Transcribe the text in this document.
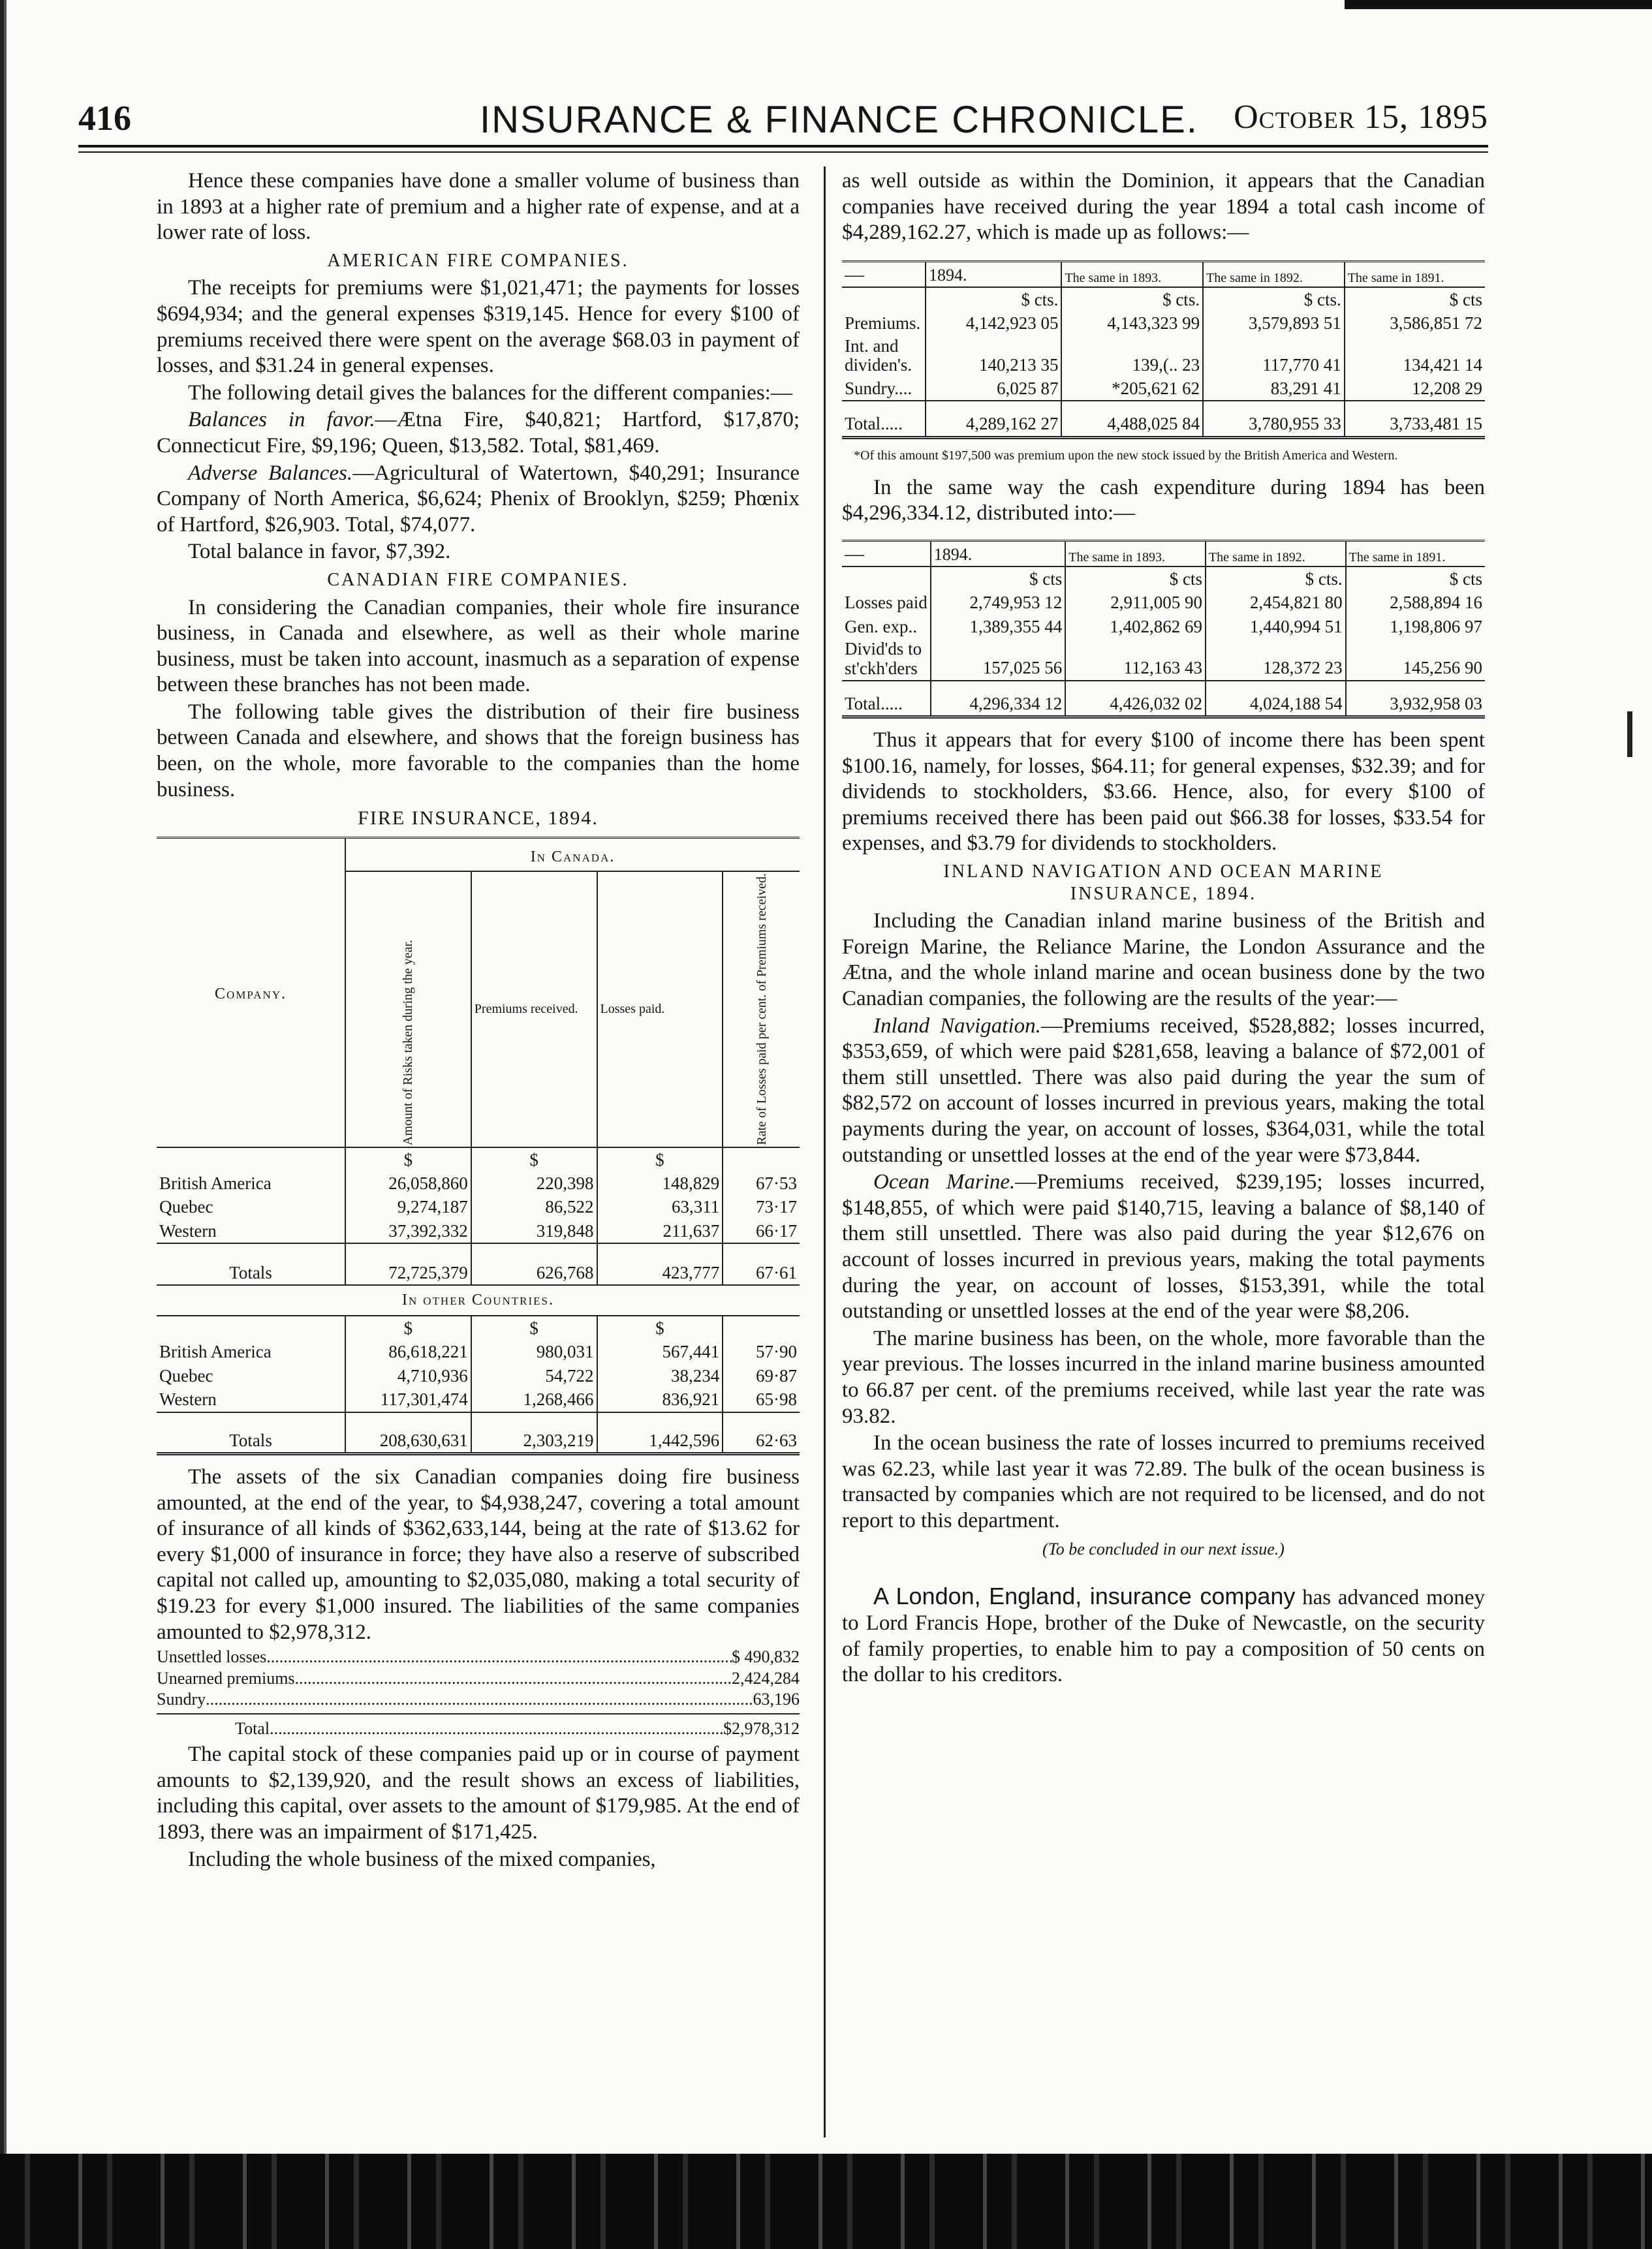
416	INSURANCE & FINANCE CHRONICLE. October 15, 1895

Hence these companies have done a smaller volume of business than in 1893 at a higher rate of premium and a higher rate of expense, and at a lower rate of loss.

AMERICAN FIRE COMPANIES.

The receipts for premiums were $1,021,471; the payments for losses $694,934; and the general expenses $319,145. Hence for every $100 of premiums received there were spent on the average $68.03 in payment of losses, and $31.24 in general expenses.

The following detail gives the balances for the different companies:—

Balances in favor.—Ætna Fire, $40,821; Hartford, $17,870; Connecticut Fire, $9,196; Queen, $13,582. Total, $81,469.

Adverse Balances.—Agricultural of Watertown, $40,291; Insurance Company of North America, $6,624; Phenix of Brooklyn, $259; Phœnix of Hartford, $26,903. Total, $74,077.

Total balance in favor, $7,392.

CANADIAN FIRE COMPANIES.

In considering the Canadian companies, their whole fire insurance business, in Canada and elsewhere, as well as their whole marine business, must be taken into account, inasmuch as a separation of expense between these branches has not been made.

The following table gives the distribution of their fire business between Canada and elsewhere, and shows that the foreign business has been, on the whole, more favorable to the companies than the home business.

FIRE INSURANCE, 1894.
Company.	In Canada.			

	Amount of Risks taken during the year.	Premiums received.	Losses paid.	Rate of Losses paid per cent. of Premiums received.

	$	$	$	
British America	26,058,860	220,398	148,829	67·53
Quebec	9,274,187	86,522	63,311	73·17
Western	37,392,332	319,848	211,637	66·17
Totals	72,725,379	626,768	423,777	67·61
In other Countries.				
	$	$	$	
British America	86,618,221	980,031	567,441	57·90
Quebec	4,710,936	54,722	38,234	69·87
Western	117,301,474	1,268,466	836,921	65·98
Totals	208,630,631	2,303,219	1,442,596	62·63

The assets of the six Canadian companies doing fire business amounted, at the end of the year, to $4,938,247, covering a total amount of insurance of all kinds of $362,633,144, being at the rate of $13.62 for every $1,000 of insurance in force; they have also a reserve of subscribed capital not called up, amounting to $2,035,080, making a total security of $19.23 for every $1,000 insured. The liabilities of the same companies amounted to $2,978,312.

Unsettled losses .....	$ 490,832
Unearned premiums .....	2,424,284
Sundry .....	63,196
Total .....	$2,978,312

The capital stock of these companies paid up or in course of payment amounts to $2,139,920, and the result shows an excess of liabilities, including this capital, over assets to the amount of $179,985. At the end of 1893, there was an impairment of $171,425.

Including the whole business of the mixed companies,

as well outside as within the Dominion, it appears that the Canadian companies have received during the year 1894 a total cash income of $4,289,162.27, which is made up as follows:—

—	1894.	The same in 1893.	The same in 1892.	The same in 1891.
	$ cts.	$ cts.	$ cts.	$ cts
Premiums.	4,142,923 05	4,143,323 99	3,579,893 51	3,586,851 72
Int. and dividen's.	140,213 35	139,(.. 23	117,770 41	134,421 14
Sundry....	6,025 87	*205,621 62	83,291 41	12,208 29
Total.....	4,289,162 27	4,488,025 84	3,780,955 33	3,733,481 15
*Of this amount $197,500 was premium upon the new stock issued by the British America and Western.

In the same way the cash expenditure during 1894 has been $4,296,334.12, distributed into:—

—	1894.	The same in 1893.	The same in 1892.	The same in 1891.
	$ cts	$ cts	$ cts.	$ cts
Losses paid	2,749,953 12	2,911,005 90	2,454,821 80	2,588,894 16
Gen. exp..	1,389,355 44	1,402,862 69	1,440,994 51	1,198,806 97
Divid'ds to st'ckh'ders	157,025 56	112,163 43	128,372 23	145,256 90
Total.....	4,296,334 12	4,426,032 02	4,024,188 54	3,932,958 03

Thus it appears that for every $100 of income there has been spent $100.16, namely, for losses, $64.11; for general expenses, $32.39; and for dividends to stockholders, $3.66. Hence, also, for every $100 of premiums received there has been paid out $66.38 for losses, $33.54 for expenses, and $3.79 for dividends to stockholders.

INLAND NAVIGATION AND OCEAN MARINE INSURANCE, 1894.

Including the Canadian inland marine business of the British and Foreign Marine, the Reliance Marine, the London Assurance and the Ætna, and the whole inland marine and ocean business done by the two Canadian companies, the following are the results of the year:—

Inland Navigation.—Premiums received, $528,882; losses incurred, $353,659, of which were paid $281,658, leaving a balance of $72,001 of them still unsettled. There was also paid during the year the sum of $82,572 on account of losses incurred in previous years, making the total payments during the year, on account of losses, $364,031, while the total outstanding or unsettled losses at the end of the year were $73,844.

Ocean Marine.—Premiums received, $239,195; losses incurred, $148,855, of which were paid $140,715, leaving a balance of $8,140 of them still unsettled. There was also paid during the year $12,676 on account of losses incurred in previous years, making the total payments during the year, on account of losses, $153,391, while the total outstanding or unsettled losses at the end of the year were $8,206.

The marine business has been, on the whole, more favorable than the year previous. The losses incurred in the inland marine business amounted to 66.87 per cent. of the premiums received, while last year the rate was 93.82.

In the ocean business the rate of losses incurred to premiums received was 62.23, while last year it was 72.89. The bulk of the ocean business is transacted by companies which are not required to be licensed, and do not report to this department.

(To be concluded in our next issue.)

A London, England, insurance company has advanced money to Lord Francis Hope, brother of the Duke of Newcastle, on the security of family properties, to enable him to pay a composition of 50 cents on the dollar to his creditors.
